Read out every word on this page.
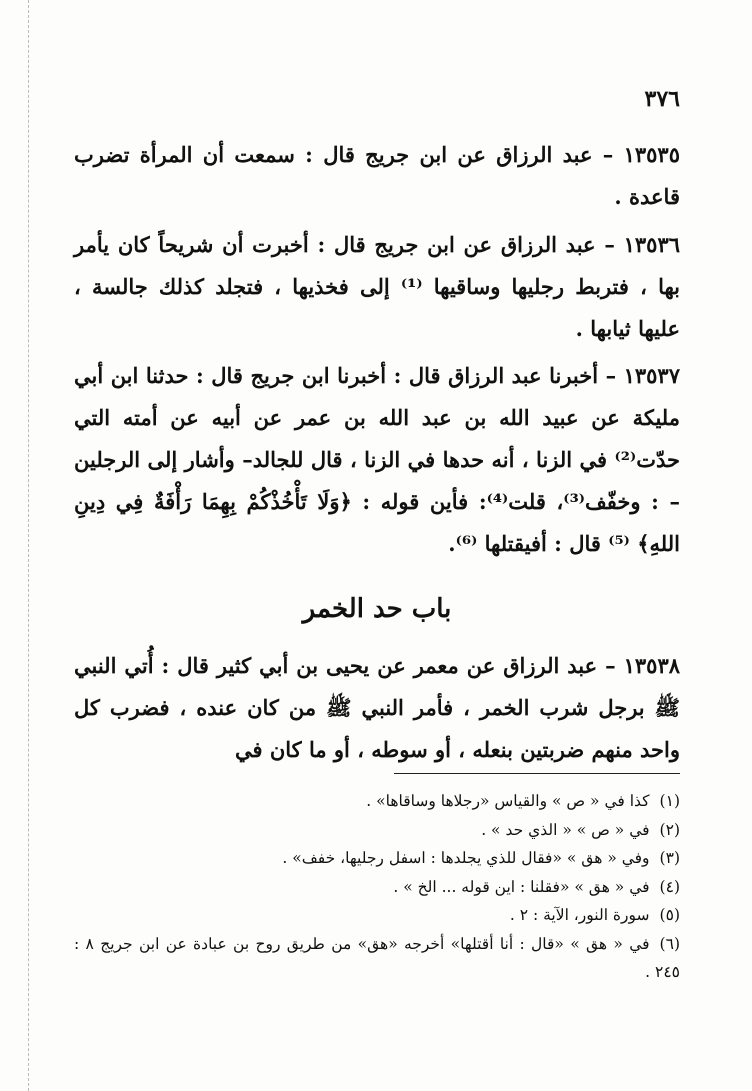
٣٧٦

١٣٥٣٥ – عبد الرزاق عن ابن جريج قال : سمعت أن المرأة تضرب قاعدة .

١٣٥٣٦ – عبد الرزاق عن ابن جريج قال : أخبرت أن شريحاً كان يأمر بها ، فتربط رجليها وساقيها ⁽¹⁾ إلى فخذيها ، فتجلد كذلك جالسة ، عليها ثيابها .

١٣٥٣٧ – أخبرنا عبد الرزاق قال : أخبرنا ابن جريج قال : حدثنا ابن أبي مليكة عن عبيد الله بن عبد الله بن عمر عن أبيه عن أمته التي حدّت⁽²⁾ في الزنا ، أنه حدها في الزنا ، قال للجالد– وأشار إلى الرجلين – : وخفّف⁽³⁾، قلت⁽⁴⁾: فأين قوله : ﴿وَلَا تَأْخُذْكُمْ بِهِمَا رَأْفَةٌ فِي دِينِ اللهِ﴾ ⁽⁵⁾ قال : أفيقتلها ⁽⁶⁾.

باب حد الخمر

١٣٥٣٨ – عبد الرزاق عن معمر عن يحيى بن أبي كثير قال : أُتي النبي ﷺ برجل شرب الخمر ، فأمر النبي ﷺ من كان عنده ، فضرب كل واحد منهم ضربتين بنعله ، أو سوطه ، أو ما كان في

(١)كذا في « ص » والقياس «رجلاها وساقاها» .
(٢)في « ص » « الذي حد » .
(٣)وفي « هق » «فقال للذي يجلدها : اسفل رجليها، خفف» .
(٤)في « هق » «فقلنا : اين قوله ... الخ » .
(٥)سورة النور، الآية : ٢ .
(٦)في « هق » «قال : أنا أقتلها» أخرجه «هق» من طريق روح بن عبادة عن ابن جريج ٨ : ٢٤٥ .
